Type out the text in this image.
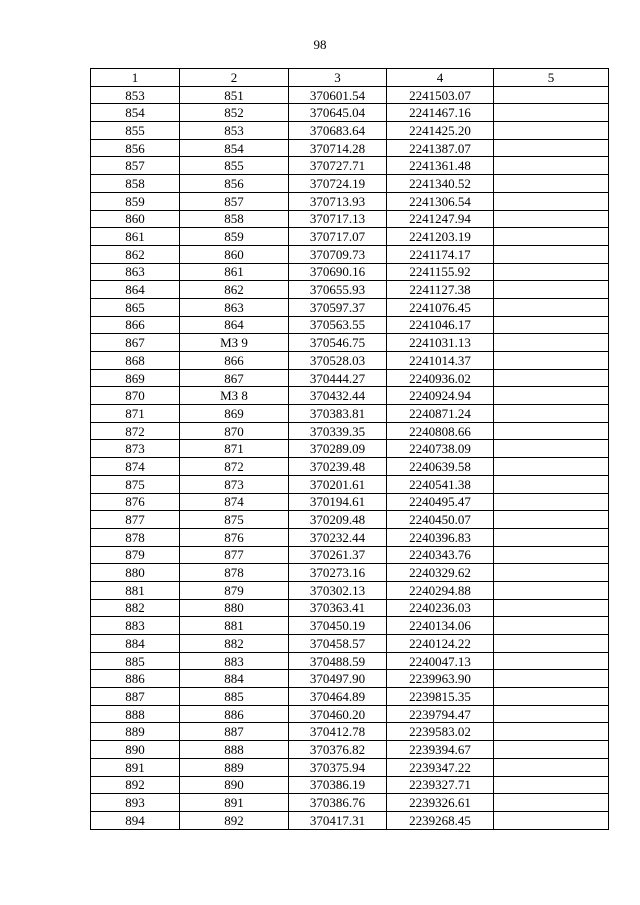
98
1	2	3	4	5
853	851	370601.54	2241503.07	
854	852	370645.04	2241467.16	
855	853	370683.64	2241425.20	
856	854	370714.28	2241387.07	
857	855	370727.71	2241361.48	
858	856	370724.19	2241340.52	
859	857	370713.93	2241306.54	
860	858	370717.13	2241247.94	
861	859	370717.07	2241203.19	
862	860	370709.73	2241174.17	
863	861	370690.16	2241155.92	
864	862	370655.93	2241127.38	
865	863	370597.37	2241076.45	
866	864	370563.55	2241046.17	
867	МЗ 9	370546.75	2241031.13	
868	866	370528.03	2241014.37	
869	867	370444.27	2240936.02	
870	МЗ 8	370432.44	2240924.94	
871	869	370383.81	2240871.24	
872	870	370339.35	2240808.66	
873	871	370289.09	2240738.09	
874	872	370239.48	2240639.58	
875	873	370201.61	2240541.38	
876	874	370194.61	2240495.47	
877	875	370209.48	2240450.07	
878	876	370232.44	2240396.83	
879	877	370261.37	2240343.76	
880	878	370273.16	2240329.62	
881	879	370302.13	2240294.88	
882	880	370363.41	2240236.03	
883	881	370450.19	2240134.06	
884	882	370458.57	2240124.22	
885	883	370488.59	2240047.13	
886	884	370497.90	2239963.90	
887	885	370464.89	2239815.35	
888	886	370460.20	2239794.47	
889	887	370412.78	2239583.02	
890	888	370376.82	2239394.67	
891	889	370375.94	2239347.22	
892	890	370386.19	2239327.71	
893	891	370386.76	2239326.61	
894	892	370417.31	2239268.45	
